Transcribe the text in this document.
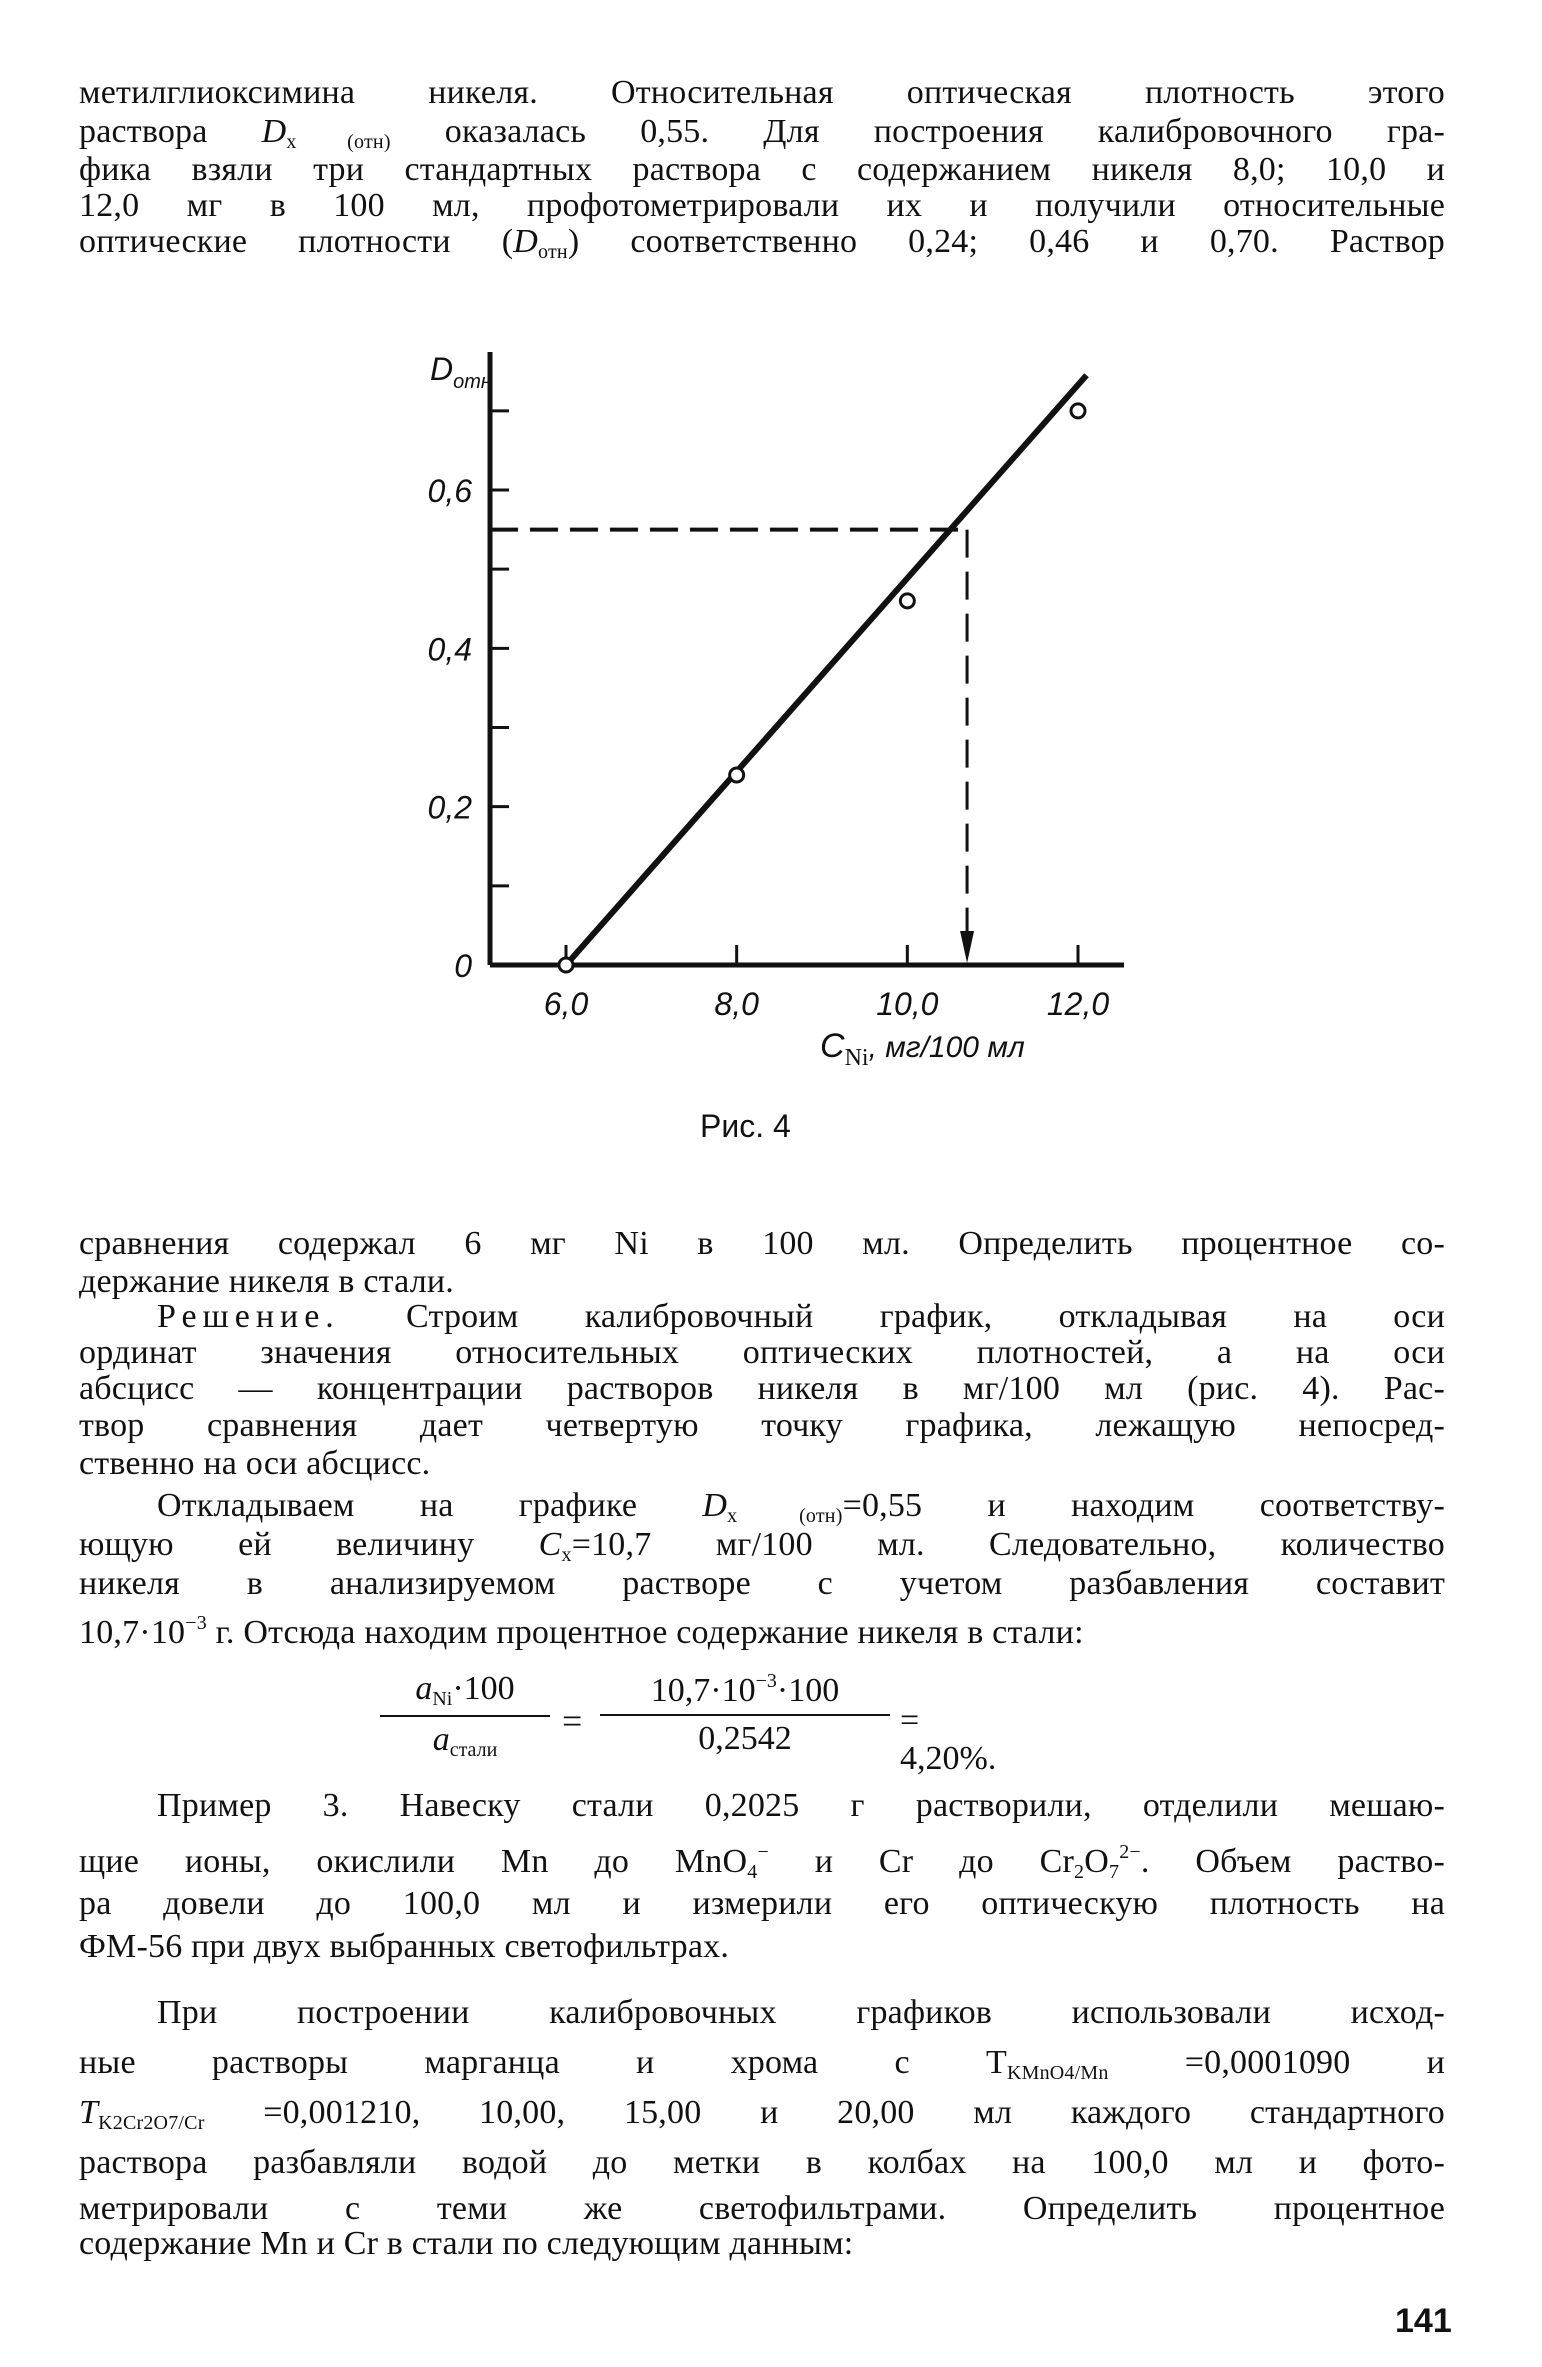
метилглиоксимина никеля. Относительная оптическая плотность этого
раствора $D_{x (отн)}$ оказалась 0,55. Для построения калибровочного гра-
фика взяли три стандартных раствора с содержанием никеля 8,0; 10,0 и
12,0 мг в 100 мл, профотометрировали их и получили относительные
оптические плотности $(D_{отн})$ соответственно 0,24; 0,46 и 0,70. Раствор
0
0,2
0,4
0,6
6,0	8,0	10,0	12,0
$D_{отн}$
$C_{Ni}$, мг/100 мл
Рис. 4
сравнения содержал 6 мг Ni в 100 мл. Определить процентное со-
держание никеля в стали.
Решение. Строим калибровочный график, откладывая на оси
ординат значения относительных оптических плотностей, а на оси
абсцисс — концентрации растворов никеля в мг/100 мл (рис. 4). Рас-
твор сравнения дает четвертую точку графика, лежащую непосред-
ственно на оси абсцисс.
Откладываем на графике $D_{x (отн)}=0,55$ и находим соответству-
ющую ей величину $C_x=10,7$ мг/100 мл. Следовательно, количество
никеля в анализируемом растворе с учетом разбавления составит
$10,7\cdot 10^{-3}$ г. Отсюда находим процентное содержание никеля в стали:
$a_{Ni}\cdot 100$
$a_{стали}$
=
$10,7\cdot 10^{-3}\cdot 100$
0,2542	= 4,20%.
Пример 3. Навеску стали 0,2025 г растворили, отделили мешаю-
щие ионы, окислили Mn до MnO$_4$− и Cr до $Cr_2O_7^{2-}$. Объем раство-
ра довели до 100,0 мл и измерили его оптическую плотность на
ФМ-56 при двух выбранных светофильтрах.
При построении калибровочных графиков использовали исход-
ные растворы марганца и хрома с $T_{KMnO4/Mn} =0,0001090$ и
$T_{K2Cr2O7/Cr} =0,001210$, 10,00, 15,00 и 20,00 мл каждого стандартного
раствора разбавляли водой до метки в колбах на 100,0 мл и фото-
метрировали с теми же светофильтрами. Определить процентное
содержание Mn и Cr в стали по следующим данным:
141
